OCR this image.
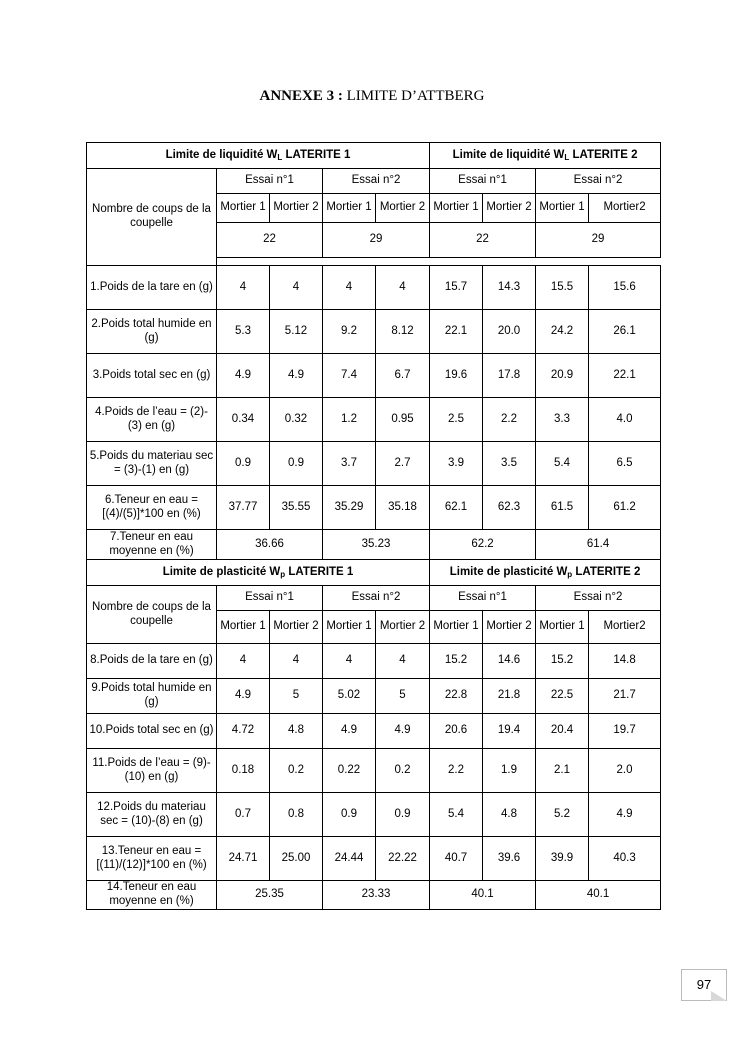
ANNEXE 3 : LIMITE D’ATTBERG
Limite de liquidité $W_L$ LATERITE 1					Limite de liquidité $W_L$ LATERITE 2			
Nombre de coups de la coupelle	Essai n°1		Essai n°2		Essai n°1		Essai n°2	
	Mortier 1	Mortier 2	Mortier 1	Mortier 2	Mortier 1	Mortier 2	Mortier 1	Mortier2
	22		29		22		29	

1.Poids de la tare en (g)	4	4	4	4	15.7	14.3	15.5	15.6
2.Poids total humide en (g)	5.3	5.12	9.2	8.12	22.1	20.0	24.2	26.1
3.Poids total sec en (g)	4.9	4.9	7.4	6.7	19.6	17.8	20.9	22.1
4.Poids de l’eau = (2)-(3) en (g)	0.34	0.32	1.2	0.95	2.5	2.2	3.3	4.0
5.Poids du materiau sec = (3)-(1) en (g)	0.9	0.9	3.7	2.7	3.9	3.5	5.4	6.5
6.Teneur en eau = [(4)/(5)]*100 en (%)	37.77	35.55	35.29	35.18	62.1	62.3	61.5	61.2
7.Teneur en eau moyenne en (%)	36.66		35.23		62.2		61.4	
Limite de plasticité $W_p$ LATERITE 1					Limite de plasticité $W_p$ LATERITE 2			
Nombre de coups de la coupelle	Essai n°1		Essai n°2		Essai n°1		Essai n°2	
	Mortier 1	Mortier 2	Mortier 1	Mortier 2	Mortier 1	Mortier 2	Mortier 1	Mortier2
8.Poids de la tare en (g)	4	4	4	4	15.2	14.6	15.2	14.8
9.Poids total humide en (g)	4.9	5	5.02	5	22.8	21.8	22.5	21.7
10.Poids total sec en (g)	4.72	4.8	4.9	4.9	20.6	19.4	20.4	19.7
11.Poids de l’eau = (9)-(10) en (g)	0.18	0.2	0.22	0.2	2.2	1.9	2.1	2.0
12.Poids du materiau sec = (10)-(8) en (g)	0.7	0.8	0.9	0.9	5.4	4.8	5.2	4.9
13.Teneur en eau = [(11)/(12)]*100 en (%)	24.71	25.00	24.44	22.22	40.7	39.6	39.9	40.3
14.Teneur en eau moyenne en (%)	25.35		23.33		40.1		40.1	
97
